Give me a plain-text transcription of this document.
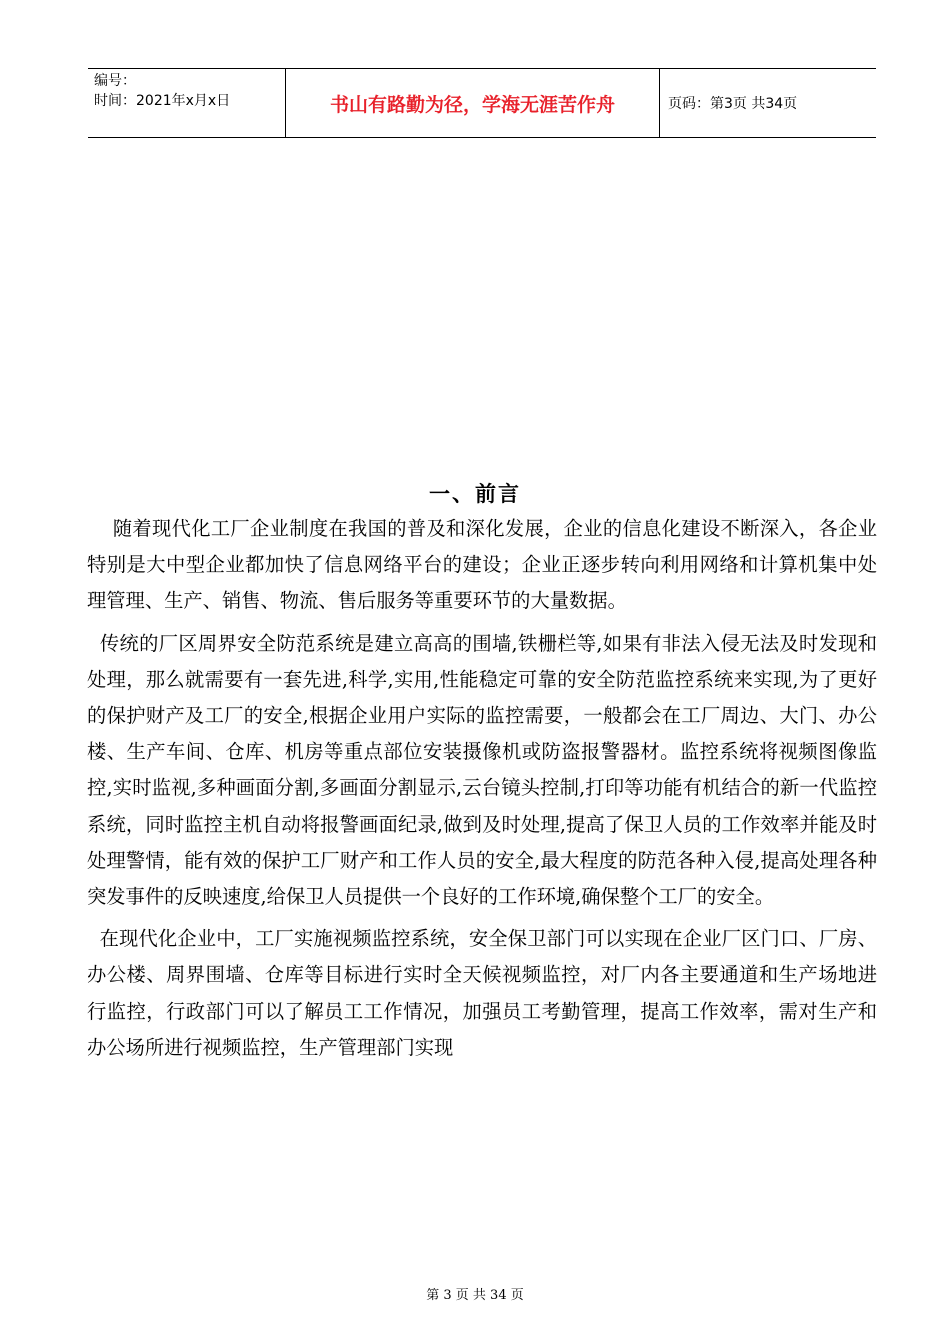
编号：
时间：2021年x月x日	书山有路勤为径，学海无涯苦作舟	页码：第3页 共34页
一、前言

随着现代化工厂企业制度在我国的普及和深化发展，企业的信息化建设不断深入，各企业特别是大中型企业都加快了信息网络平台的建设；企业正逐步转向利用网络和计算机集中处理管理、生产、销售、物流、售后服务等重要环节的大量数据。

传统的厂区周界安全防范系统是建立高高的围墙,铁栅栏等,如果有非法入侵无法及时发现和处理，那么就需要有一套先进,科学,实用,性能稳定可靠的安全防范监控系统来实现,为了更好的保护财产及工厂的安全,根据企业用户实际的监控需要，一般都会在工厂周边、大门、办公楼、生产车间、仓库、机房等重点部位安装摄像机或防盗报警器材。监控系统将视频图像监控,实时监视,多种画面分割,多画面分割显示,云台镜头控制,打印等功能有机结合的新一代监控系统，同时监控主机自动将报警画面纪录,做到及时处理,提高了保卫人员的工作效率并能及时处理警情，能有效的保护工厂财产和工作人员的安全,最大程度的防范各种入侵,提高处理各种突发事件的反映速度,给保卫人员提供一个良好的工作环境,确保整个工厂的安全。

在现代化企业中，工厂实施视频监控系统，安全保卫部门可以实现在企业厂区门口、厂房、办公楼、周界围墙、仓库等目标进行实时全天候视频监控，对厂内各主要通道和生产场地进行监控，行政部门可以了解员工工作情况，加强员工考勤管理，提高工作效率，需对生产和办公场所进行视频监控，生产管理部门实现

第 3 页 共 34 页
